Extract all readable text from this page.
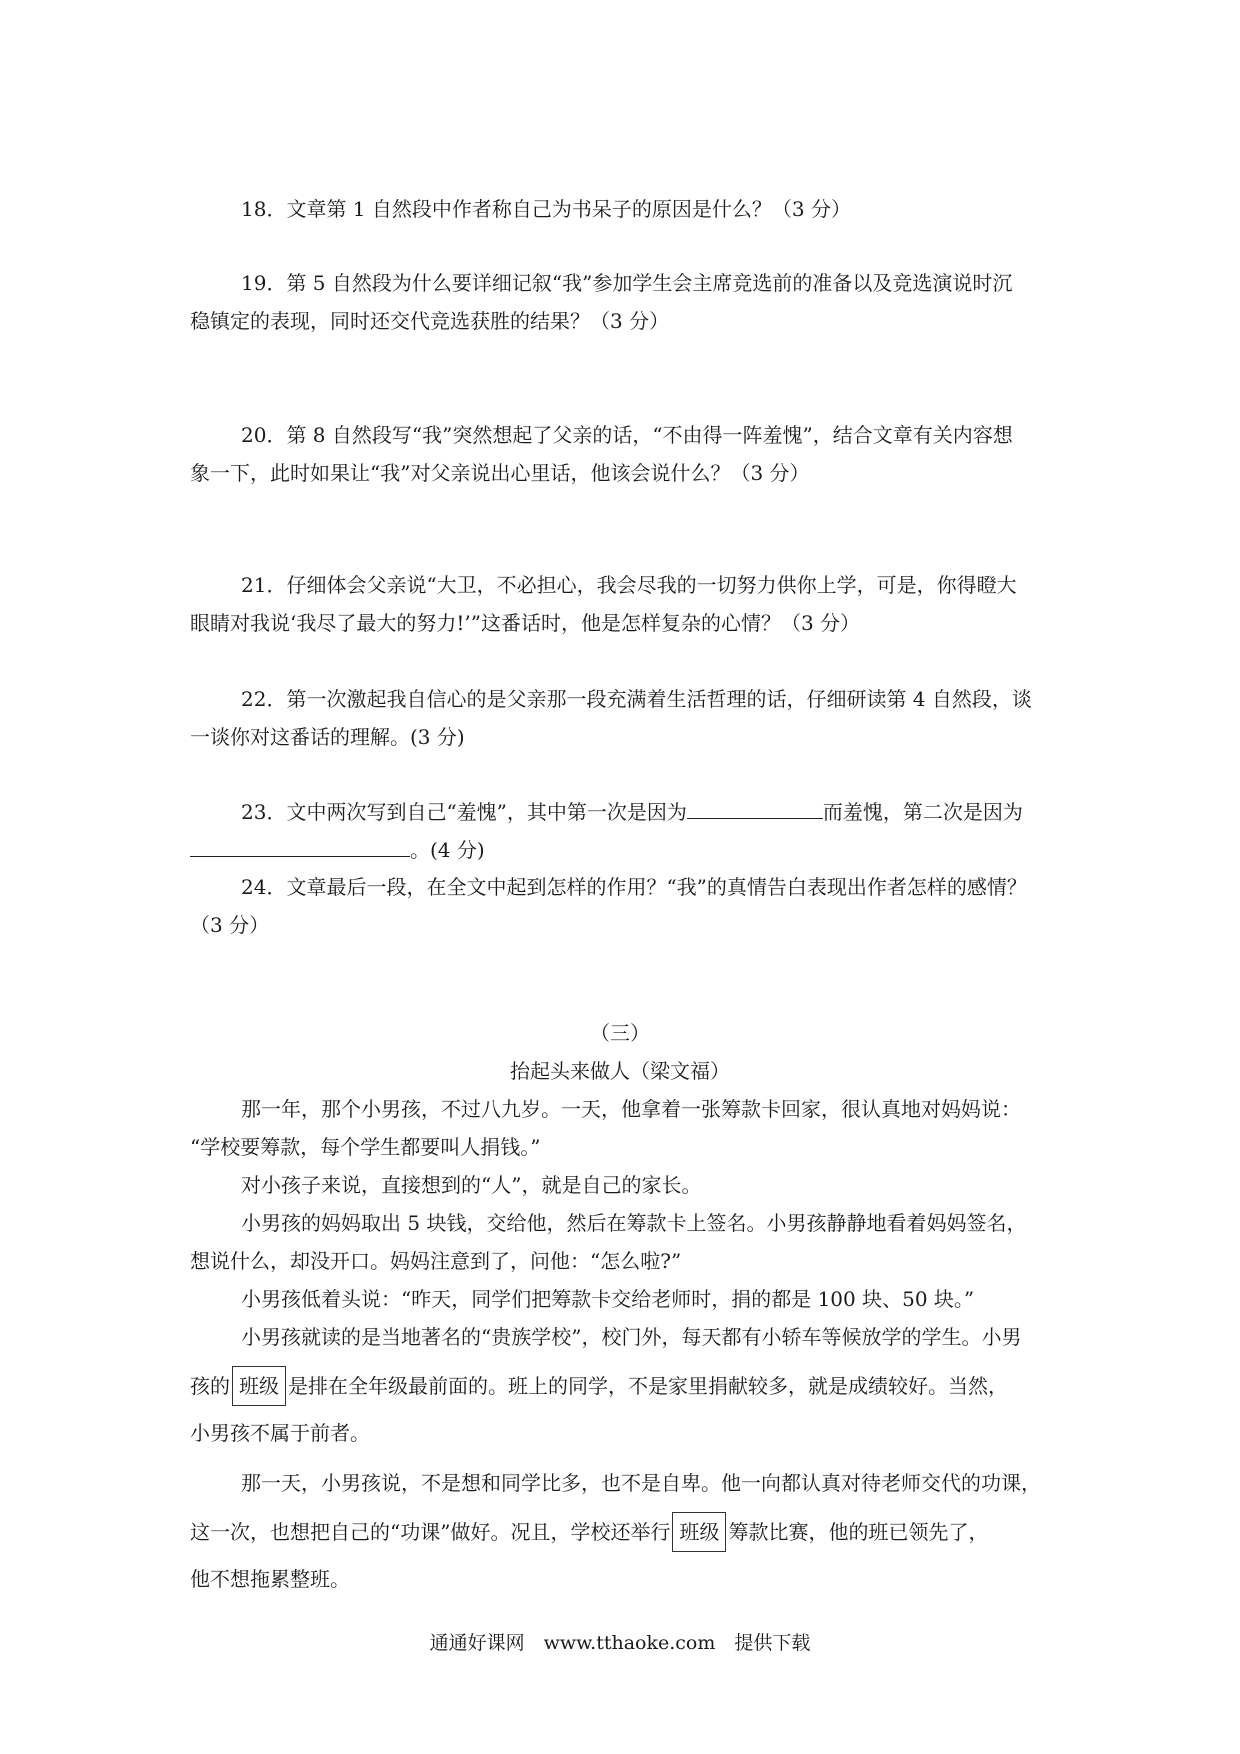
18．文章第 1 自然段中作者称自己为书呆子的原因是什么？（3 分）
19．第 5 自然段为什么要详细记叙“我”参加学生会主席竞选前的准备以及竞选演说时沉
稳镇定的表现，同时还交代竞选获胜的结果？（3 分）
20．第 8 自然段写“我”突然想起了父亲的话，“不由得一阵羞愧”，结合文章有关内容想
象一下，此时如果让“我”对父亲说出心里话，他该会说什么？（3 分）
21．仔细体会父亲说“大卫，不必担心，我会尽我的一切努力供你上学，可是，你得瞪大
眼睛对我说‘我尽了最大的努力!’”这番话时，他是怎样复杂的心情？（3 分）
22．第一次激起我自信心的是父亲那一段充满着生活哲理的话，仔细研读第 4 自然段，谈
一谈你对这番话的理解。(3 分)
23．文中两次写到自己“羞愧”，其中第一次是因为	而羞愧，第二次是因为
。(4 分)
24．文章最后一段，在全文中起到怎样的作用？“我”的真情告白表现出作者怎样的感情？
（3 分）
（三）
抬起头来做人（梁文福）
那一年，那个小男孩，不过八九岁。一天，他拿着一张筹款卡回家，很认真地对妈妈说：
“学校要筹款，每个学生都要叫人捐钱。”
对小孩子来说，直接想到的“人”，就是自己的家长。
小男孩的妈妈取出 5 块钱，交给他，然后在筹款卡上签名。小男孩静静地看着妈妈签名，
想说什么，却没开口。妈妈注意到了，问他：“怎么啦?”
小男孩低着头说：“昨天，同学们把筹款卡交给老师时，捐的都是 100 块、50 块。”
小男孩就读的是当地著名的“贵族学校”，校门外，每天都有小轿车等候放学的学生。小男
孩的 班级 是排在全年级最前面的。班上的同学，不是家里捐献较多，就是成绩较好。当然，
小男孩不属于前者。
那一天，小男孩说，不是想和同学比多，也不是自卑。他一向都认真对待老师交代的功课，
这一次，也想把自己的“功课”做好。况且，学校还举行 班级 筹款比赛，他的班已领先了，
他不想拖累整班。
通通好课网　www.tthaoke.com　提供下载
